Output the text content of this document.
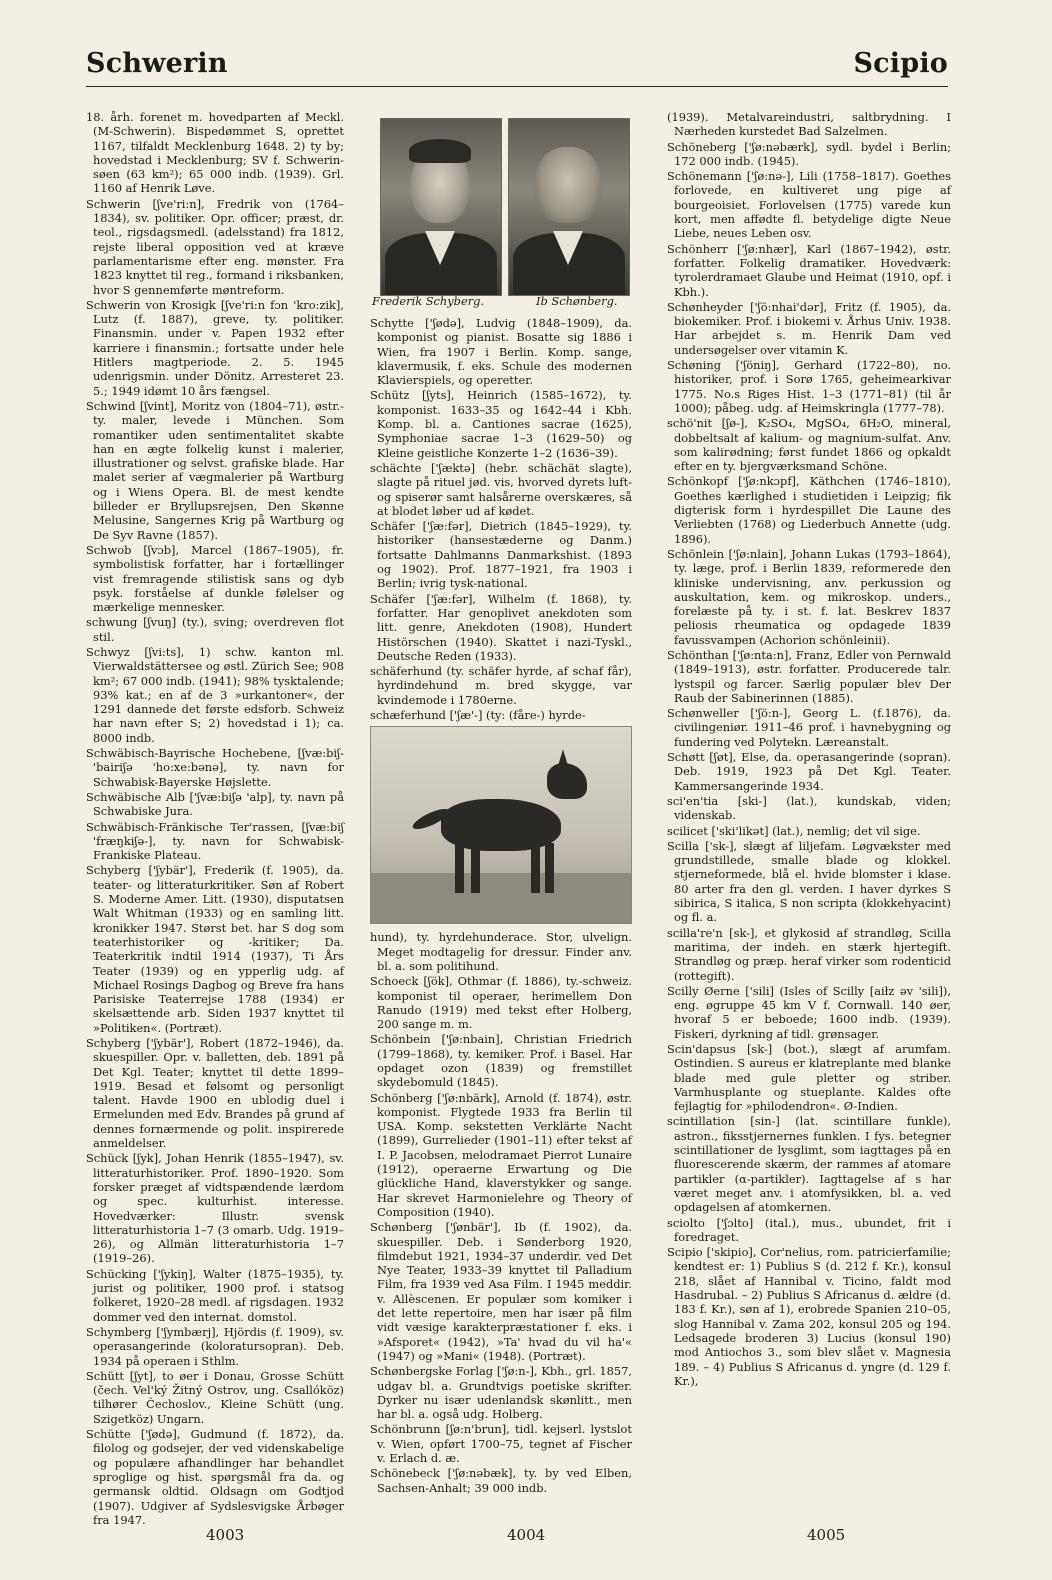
Schwerin	Scipio

18. årh. forenet m. hovedparten af Meckl. (M-Schwerin). Bispedømmet S, oprettet 1167, tilfaldt Mecklenburg 1648. 2) ty by; hovedstad i Mecklenburg; SV f. Schwerin-søen (63 km²); 65 000 indb. (1939). Grl. 1160 af Henrik Løve.

Schwerin [ʃve'ri:n], Fredrik von (1764–1834), sv. politiker. Opr. officer; præst, dr. teol., rigsdagsmedl. (adelsstand) fra 1812, rejste liberal opposition ved at kræve parlamentarisme efter eng. mønster. Fra 1823 knyttet til reg., formand i riksbanken, hvor S gennemførte møntreform.

Schwerin von Krosigk [ʃve'ri:n fɔn 'kro:zik], Lutz (f. 1887), greve, ty. politiker. Finansmin. under v. Papen 1932 efter karriere i finansmin.; fortsatte under hele Hitlers magtperiode. 2. 5. 1945 udenrigsmin. under Dönitz. Arresteret 23. 5.; 1949 idømt 10 års fængsel.

Schwind [ʃvint], Moritz von (1804–71), østr.-ty. maler, levede i München. Som romantiker uden sentimentalitet skabte han en ægte folkelig kunst i malerier, illustrationer og selvst. grafiske blade. Har malet serier af vægmalerier på Wartburg og i Wiens Opera. Bl. de mest kendte billeder er Bryllupsrejsen, Den Skønne Melusine, Sangernes Krig på Wartburg og De Syv Ravne (1857).

Schwob [ʃvɔb], Marcel (1867–1905), fr. symbolistisk forfatter, har i fortællinger vist fremragende stilistisk sans og dyb psyk. forståelse af dunkle følelser og mærkelige mennesker.

schwung [ʃvuŋ] (ty.), sving; overdreven flot stil.

Schwyz [ʃvi:ts], 1) schw. kanton ml. Vierwaldstättersee og østl. Zürich See; 908 km²; 67 000 indb. (1941); 98% tysktalende; 93% kat.; en af de 3 »urkantoner«, der 1291 dannede det første edsforb. Schweiz har navn efter S; 2) hovedstad i 1); ca. 8000 indb.

Schwäbisch-Bayrische Hochebene, [ʃvæ:biʃ-'bairiʃə 'ho:xe:bənə], ty. navn for Schwabisk-Bayerske Højslette.

Schwäbische Alb ['ʃvæ:biʃə 'alp], ty. navn på Schwabiske Jura.

Schwäbisch-Fränkische Ter'rassen, [ʃvæ:biʃ 'fræŋkiʃə-], ty. navn for Schwabisk-Frankiske Plateau.

Schyberg ['ʃybär'], Frederik (f. 1905), da. teater- og litteraturkritiker. Søn af Robert S. Moderne Amer. Litt. (1930), disputatsen Walt Whitman (1933) og en samling litt. kronikker 1947. Størst bet. har S dog som teaterhistoriker og -kritiker; Da. Teaterkritik indtil 1914 (1937), Ti Års Teater (1939) og en ypperlig udg. af Michael Rosings Dagbog og Breve fra hans Parisiske Teaterrejse 1788 (1934) er skelsættende arb. Siden 1937 knyttet til »Politiken«. (Portræt).

Schyberg ['ʃybär'], Robert (1872–1946), da. skuespiller. Opr. v. balletten, deb. 1891 på Det Kgl. Teater; knyttet til dette 1899–1919. Besad et følsomt og personligt talent. Havde 1900 en ublodig duel i Ermelunden med Edv. Brandes på grund af dennes fornærmende og polit. inspirerede anmeldelser.

Schück [ʃyk], Johan Henrik (1855–1947), sv. litteraturhistoriker. Prof. 1890–1920. Som forsker præget af vidtspændende lærdom og spec. kulturhist. interesse. Hovedværker: Illustr. svensk litteraturhistoria 1–7 (3 omarb. Udg. 1919–26), og Allmän litteraturhistoria 1–7 (1919–26).

Schücking ['ʃykiŋ], Walter (1875–1935), ty. jurist og politiker, 1900 prof. i statsog folkeret, 1920–28 medl. af rigsdagen. 1932 dommer ved den internat. domstol.

Schymberg ['ʃymbærj], Hjördis (f. 1909), sv. operasangerinde (koloratursopran). Deb. 1934 på operaen i Sthlm.

Schütt [ʃyt], to øer i Donau, Grosse Schütt (čech. Vel'ký Žitný Ostrov, ung. Csallóköz) tilhører Čechoslov., Kleine Schütt (ung. Szigetköz) Ungarn.

Schütte ['ʃødə], Gudmund (f. 1872), da. filolog og godsejer, der ved videnskabelige og populære afhandlinger har behandlet sproglige og hist. spørgsmål fra da. og germansk oldtid. Oldsagn om Godtjod (1907). Udgiver af Sydslesvigske Årbøger fra 1947.

Frederik Schyberg.	Ib Schønberg.

Schytte ['ʃødə], Ludvig (1848–1909), da. komponist og pianist. Bosatte sig 1886 i Wien, fra 1907 i Berlin. Komp. sange, klavermusik, f. eks. Schule des modernen Klavierspiels, og operetter.

Schütz [ʃyts], Heinrich (1585–1672), ty. komponist. 1633–35 og 1642–44 i Kbh. Komp. bl. a. Cantiones sacrae (1625), Symphoniae sacrae 1–3 (1629–50) og Kleine geistliche Konzerte 1–2 (1636–39).

schächte ['ʃæktə] (hebr. schächät slagte), slagte på rituel jød. vis, hvorved dyrets luft- og spiserør samt halsårerne overskæres, så at blodet løber ud af kødet.

Schäfer ['ʃæ:fər], Dietrich (1845–1929), ty. historiker (hansestæderne og Danm.) fortsatte Dahlmanns Danmarkshist. (1893 og 1902). Prof. 1877–1921, fra 1903 i Berlin; ivrig tysk-national.

Schäfer ['ʃæ:fər], Wilhelm (f. 1868), ty. forfatter. Har genoplivet anekdoten som litt. genre, Anekdoten (1908), Hundert Histörschen (1940). Skattet i nazi-Tyskl., Deutsche Reden (1933).

schäferhund (ty. schäfer hyrde, af schaf får), hyrdindehund m. bred skygge, var kvindemode i 1780erne.

schæferhund ['ʃæ'-] (ty: (fåre-) hyrde-

hund), ty. hyrdehunderace. Stor, ulvelign. Meget modtagelig for dressur. Finder anv. bl. a. som politihund.

Schoeck [ʃök], Othmar (f. 1886), ty.-schweiz. komponist til operaer, herimellem Don Ranudo (1919) med tekst efter Holberg, 200 sange m. m.

Schönbein ['ʃø:nbain], Christian Friedrich (1799–1868), ty. kemiker. Prof. i Basel. Har opdaget ozon (1839) og fremstillet skydebomuld (1845).

Schönberg ['ʃø:nbärk], Arnold (f. 1874), østr. komponist. Flygtede 1933 fra Berlin til USA. Komp. sekstetten Verklärte Nacht (1899), Gurrelieder (1901–11) efter tekst af I. P. Jacobsen, melodramaet Pierrot Lunaire (1912), operaerne Erwartung og Die glückliche Hand, klaverstykker og sange. Har skrevet Harmonielehre og Theory of Composition (1940).

Schønberg ['ʃønbär'], Ib (f. 1902), da. skuespiller. Deb. i Sønderborg 1920, filmdebut 1921, 1934–37 underdir. ved Det Nye Teater, 1933–39 knyttet til Palladium Film, fra 1939 ved Asa Film. I 1945 meddir. v. Allèscenen. Er populær som komiker i det lette repertoire, men har især på film vidt væsige karakterpræstationer f. eks. i »Afsporet« (1942), »Ta' hvad du vil ha'« (1947) og »Mani« (1948). (Portræt).

Schønbergske Forlag ['ʃø:n-], Kbh., grl. 1857, udgav bl. a. Grundtvigs poetiske skrifter. Dyrker nu især udenlandsk skønlitt., men har bl. a. også udg. Holberg.

Schönbrunn [ʃø:n'brun], tidl. kejserl. lystslot v. Wien, opført 1700–75, tegnet af Fischer v. Erlach d. æ.

Schönebeck ['ʃø:nəbæk], ty. by ved Elben, Sachsen-Anhalt; 39 000 indb.

(1939). Metalvareindustri, saltbrydning. I Nærheden kurstedet Bad Salzelmen.

Schöneberg ['ʃø:nəbærk], sydl. bydel i Berlin; 172 000 indb. (1945).

Schönemann ['ʃø:nə-], Lili (1758–1817). Goethes forlovede, en kultiveret ung pige af bourgeoisiet. Forlovelsen (1775) varede kun kort, men affødte fl. betydelige digte Neue Liebe, neues Leben osv.

Schönherr ['ʃø:nhær], Karl (1867–1942), østr. forfatter. Folkelig dramatiker. Hovedværk: tyrolerdramaet Glaube und Heimat (1910, opf. i Kbh.).

Schønheyder ['ʃö:nhai'dər], Fritz (f. 1905), da. biokemiker. Prof. i biokemi v. Århus Univ. 1938. Har arbejdet s. m. Henrik Dam ved undersøgelser over vitamin K.

Schøning ['ʃöniŋ], Gerhard (1722–80), no. historiker, prof. i Sorø 1765, geheimearkivar 1775. No.s Riges Hist. 1–3 (1771–81) (til år 1000); påbeg. udg. af Heimskringla (1777–78).

schö'nit [ʃø-], K₂SO₄, MgSO₄, 6H₂O, mineral, dobbeltsalt af kalium- og magnium-sulfat. Anv. som kalігødning; først fundet 1866 og opkaldt efter en ty. bjergværksmand Schöne.

Schönkopf ['ʃø:nkɔpf], Käthchen (1746–1810), Goethes kærlighed i studietiden i Leipzig; fik digterisk form i hyrdespillet Die Laune des Verliebten (1768) og Liederbuch Annette (udg. 1896).

Schönlein ['ʃø:nlain], Johann Lukas (1793–1864), ty. læge, prof. i Berlin 1839, reformerede den kliniske undervisning, anv. perkussion og auskultation, kem. og mikroskop. unders., forelæste på ty. i st. f. lat. Beskrev 1837 peliosis rheumatica og opdagede 1839 favussvampen (Achorion schönleinii).

Schönthan ['ʃø:nta:n], Franz, Edler von Pernwald (1849–1913), østr. forfatter. Producerede talr. lystspil og farcer. Særlig populær blev Der Raub der Sabinerinnen (1885).

Schønweller ['ʃö:n-], Georg L. (f.1876), da. civilingeniør. 1911–46 prof. i havnebygning og fundering ved Polytekn. Læreanstalt.

Schøtt [ʃøt], Else, da. operasangerinde (sopran). Deb. 1919, 1923 på Det Kgl. Teater. Kammersangerinde 1934.

sci'en'tia [ski-] (lat.), kundskab, viden; videnskab.

scilicet ['ski'likət] (lat.), nemlig; det vil sige.

Scilla ['sk-], slægt af liljefam. Løgvækster med grundstillede, smalle blade og klokkel. stjerneformede, blå el. hvide blomster i klase. 80 arter fra den gl. verden. I haver dyrkes S sibirica, S italica, S non scripta (klokkehyacint) og fl. a.

scilla're'n [sk-], et glykosid af strandløg, Scilla maritima, der indeh. en stærk hjertegift. Strandløg og præp. heraf virker som rodenticid (rottegift).

Scilly Øerne ['sili] (Isles of Scilly [aiłz əv 'sili]), eng. øgruppe 45 km V f. Cornwall. 140 øer, hvoraf 5 er beboede; 1600 indb. (1939). Fiskeri, dyrkning af tidl. grønsager.

Scin'dapsus [sk-] (bot.), slægt af arumfam. Ostindien. S aureus er klatreplante med blanke blade med gule pletter og striber. Varmhusplante og stueplante. Kaldes ofte fejlagtig for »philodendron«. Ø-Indien.

scintillation [sin-] (lat. scintillare funkle), astron., fiksstjernernes funklen. I fys. betegner scintillationer de lysglimt, som iagttages på en fluorescerende skærm, der rammes af atomare partikler (α-partikler). Iagttagelse af s har været meget anv. i atomfysikken, bl. a. ved opdagelsen af atomkernen.

sciolto ['ʃɔlto] (ital.), mus., ubundet, frit i foredraget.

Scipio ['skipio], Cor'nelius, rom. patricierfamilie; kendtest er: 1) Publius S (d. 212 f. Kr.), konsul 218, slået af Hannibal v. Ticino, faldt mod Hasdrubal. – 2) Publius S Africanus d. ældre (d. 183 f. Kr.), søn af 1), erobrede Spanien 210–05, slog Hannibal v. Zama 202, konsul 205 og 194. Ledsagede broderen 3) Lucius (konsul 190) mod Antiochos 3., som blev slået v. Magnesia 189. – 4) Publius S Africanus d. yngre (d. 129 f. Kr.),

4003	4004	4005
